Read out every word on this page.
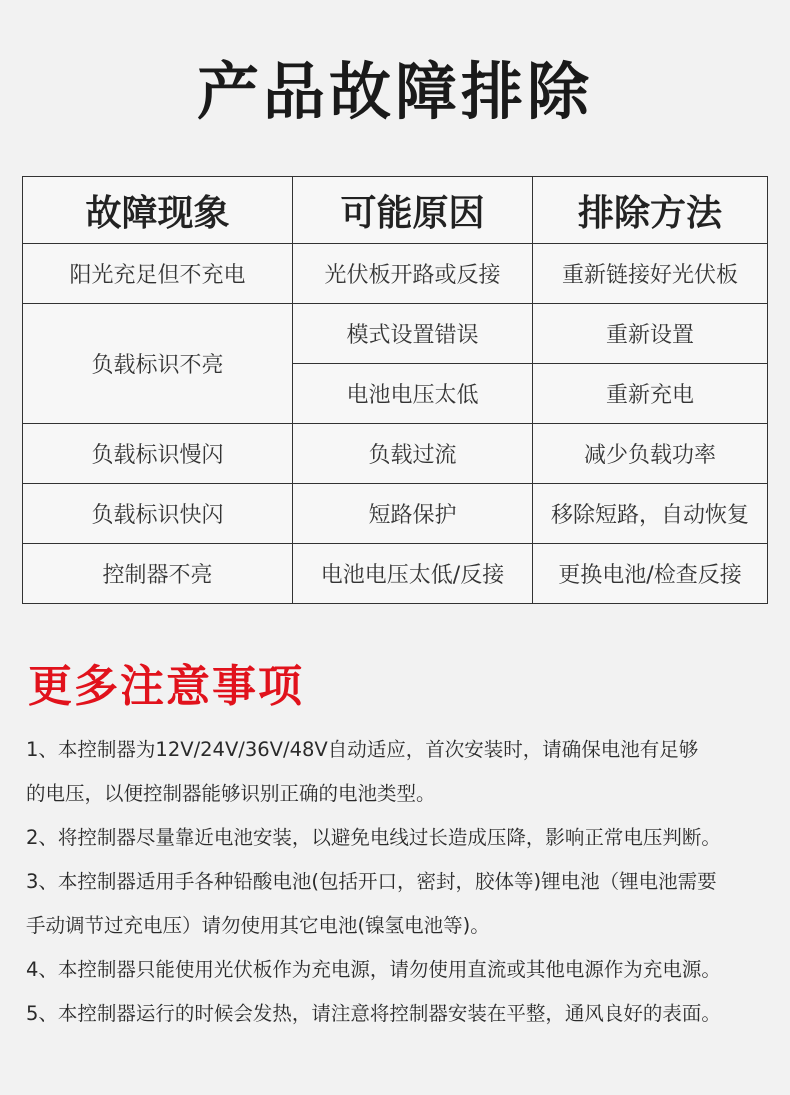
产品故障排除
故障现象	可能原因	排除方法
阳光充足但不充电	光伏板开路或反接	重新链接好光伏板
负载标识不亮	模式设置错误	重新设置
	电池电压太低	重新充电
负载标识慢闪	负载过流	减少负载功率
负载标识快闪	短路保护	移除短路，自动恢复
控制器不亮	电池电压太低/反接	更换电池/检查反接
更多注意事项
1、本控制器为12V/24V/36V/48V自动适应，首次安装时，请确保电池有足够
的电压，以便控制器能够识别正确的电池类型。
2、将控制器尽量靠近电池安装，以避免电线过长造成压降，影响正常电压判断。
3、本控制器适用手各种铅酸电池(包括开口，密封，胶体等)锂电池（锂电池需要
手动调节过充电压）请勿使用其它电池(镍氢电池等)。
4、本控制器只能使用光伏板作为充电源，请勿使用直流或其他电源作为充电源。
5、本控制器运行的时候会发热，请注意将控制器安装在平整，通风良好的表面。
